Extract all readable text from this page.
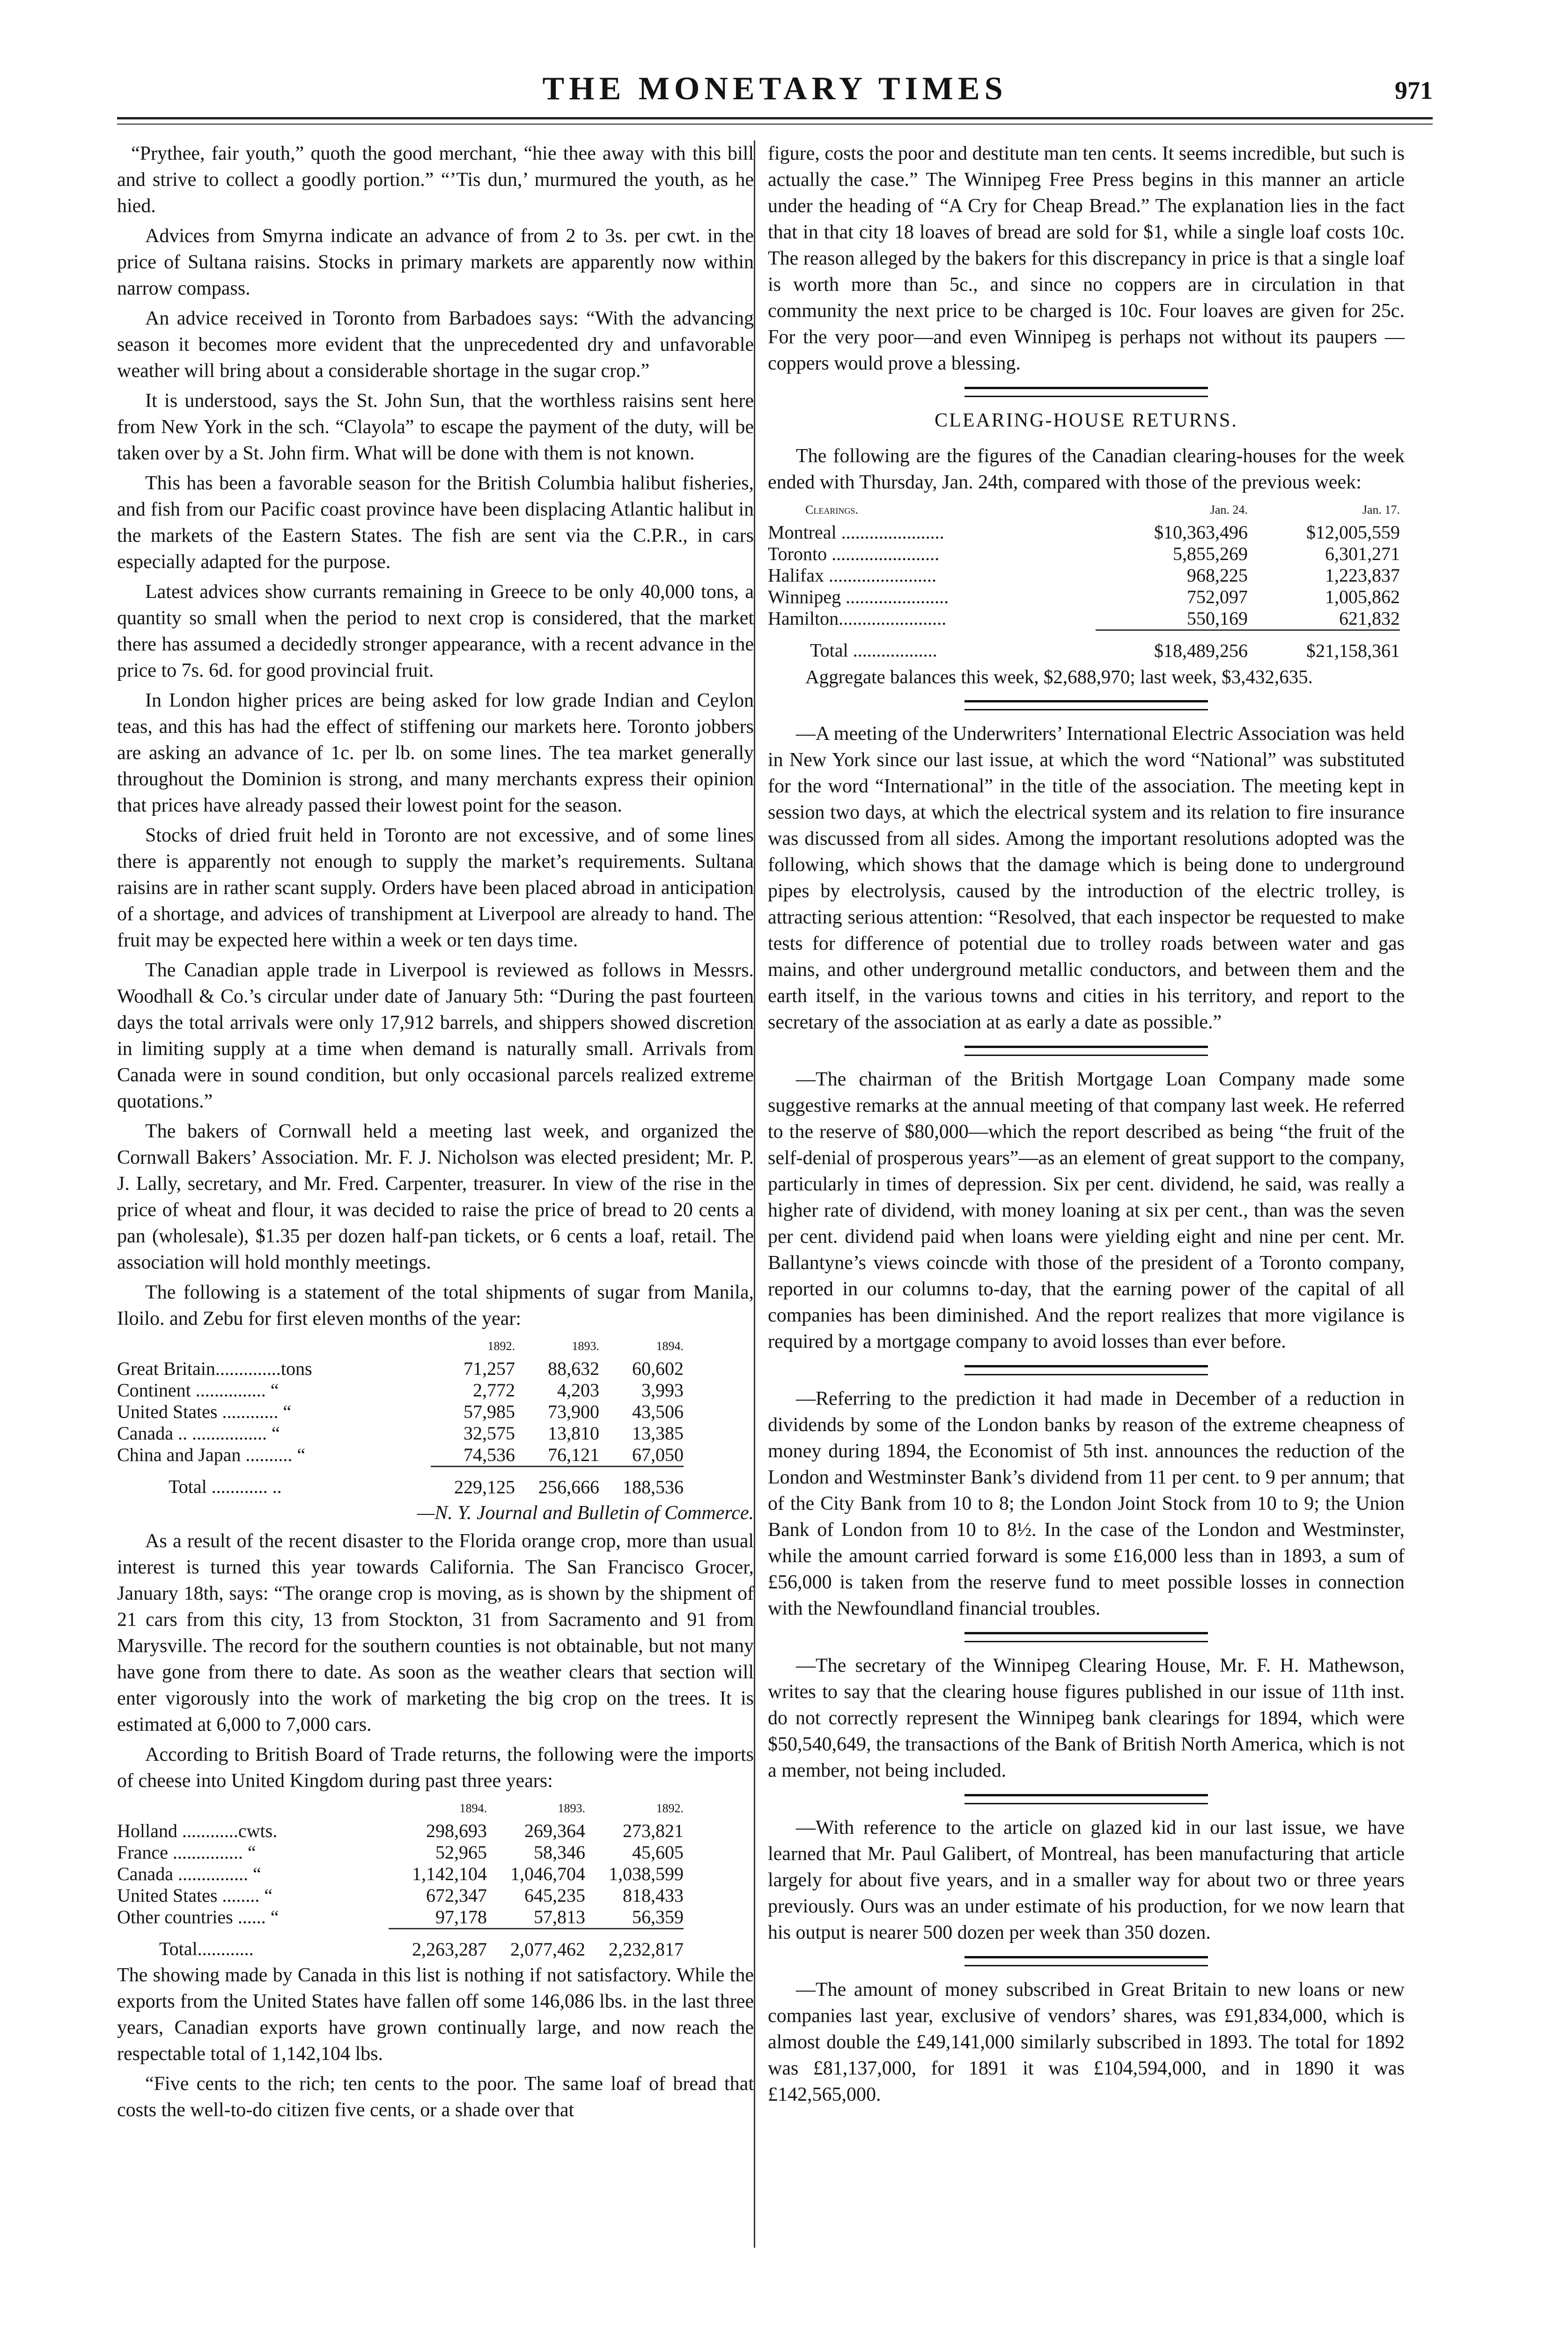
THE MONETARY TIMES	971

“Prythee, fair youth,” quoth the good merchant, “hie thee away with this bill and strive to collect a goodly portion.” “’Tis dun,’ murmured the youth, as he hied.

Advices from Smyrna indicate an advance of from 2 to 3s. per cwt. in the price of Sultana raisins. Stocks in primary markets are apparently now within narrow compass.

An advice received in Toronto from Barbadoes says: “With the advancing season it becomes more evident that the unprecedented dry and unfavorable weather will bring about a considerable shortage in the sugar crop.”

It is understood, says the St. John Sun, that the worthless raisins sent here from New York in the sch. “Clayola” to escape the payment of the duty, will be taken over by a St. John firm. What will be done with them is not known.

This has been a favorable season for the British Columbia halibut fisheries, and fish from our Pacific coast province have been displacing Atlantic halibut in the markets of the Eastern States. The fish are sent via the C.P.R., in cars especially adapted for the purpose.

Latest advices show currants remaining in Greece to be only 40,000 tons, a quantity so small when the period to next crop is considered, that the market there has assumed a decidedly stronger appearance, with a recent advance in the price to 7s. 6d. for good provincial fruit.

In London higher prices are being asked for low grade Indian and Ceylon teas, and this has had the effect of stiffening our markets here. Toronto jobbers are asking an advance of 1c. per lb. on some lines. The tea market generally throughout the Dominion is strong, and many merchants express their opinion that prices have already passed their lowest point for the season.

Stocks of dried fruit held in Toronto are not excessive, and of some lines there is apparently not enough to supply the market’s requirements. Sultana raisins are in rather scant supply. Orders have been placed abroad in anticipation of a shortage, and advices of transhipment at Liverpool are already to hand. The fruit may be expected here within a week or ten days time.

The Canadian apple trade in Liverpool is reviewed as follows in Messrs. Woodhall & Co.’s circular under date of January 5th: “During the past fourteen days the total arrivals were only 17,912 barrels, and shippers showed discretion in limiting supply at a time when demand is naturally small. Arrivals from Canada were in sound condition, but only occasional parcels realized extreme quotations.”

The bakers of Cornwall held a meeting last week, and organized the Cornwall Bakers’ Association. Mr. F. J. Nicholson was elected president; Mr. P. J. Lally, secretary, and Mr. Fred. Carpenter, treasurer. In view of the rise in the price of wheat and flour, it was decided to raise the price of bread to 20 cents a pan (wholesale), $1.35 per dozen half-pan tickets, or 6 cents a loaf, retail. The association will hold monthly meetings.

The following is a statement of the total shipments of sugar from Manila, Iloilo. and Zebu for first eleven months of the year:

	1892.	1893.	1894.
Great Britain..............tons	71,257	88,632	60,602
Continent ............... “	2,772	4,203	3,993
United States ............ “	57,985	73,900	43,506
Canada .. ................ “	32,575	13,810	13,385
China and Japan .......... “	74,536	76,121	67,050
Total ............ ..	229,125	256,666	188,536

—N. Y. Journal and Bulletin of Commerce.

As a result of the recent disaster to the Florida orange crop, more than usual interest is turned this year towards California. The San Francisco Grocer, January 18th, says: “The orange crop is moving, as is shown by the shipment of 21 cars from this city, 13 from Stockton, 31 from Sacramento and 91 from Marysville. The record for the southern counties is not obtainable, but not many have gone from there to date. As soon as the weather clears that section will enter vigorously into the work of marketing the big crop on the trees. It is estimated at 6,000 to 7,000 cars.

According to British Board of Trade returns, the following were the imports of cheese into United Kingdom during past three years:

	1894.	1893.	1892.
Holland ............cwts.	298,693	269,364	273,821
France ............... “	52,965	58,346	45,605
Canada ............... “	1,142,104	1,046,704	1,038,599
United States ........ “	672,347	645,235	818,433
Other countries ...... “	97,178	57,813	56,359
Total............	2,263,287	2,077,462	2,232,817

The showing made by Canada in this list is nothing if not satisfactory. While the exports from the United States have fallen off some 146,086 lbs. in the last three years, Canadian exports have grown continually large, and now reach the respectable total of 1,142,104 lbs.

“Five cents to the rich; ten cents to the poor. The same loaf of bread that costs the well-to-do citizen five cents, or a shade over that

figure, costs the poor and destitute man ten cents. It seems incredible, but such is actually the case.” The Winnipeg Free Press begins in this manner an article under the heading of “A Cry for Cheap Bread.” The explanation lies in the fact that in that city 18 loaves of bread are sold for $1, while a single loaf costs 10c. The reason alleged by the bakers for this discrepancy in price is that a single loaf is worth more than 5c., and since no coppers are in circulation in that community the next price to be charged is 10c. Four loaves are given for 25c. For the very poor—and even Winnipeg is perhaps not without its paupers —coppers would prove a blessing.

CLEARING-HOUSE RETURNS.

The following are the figures of the Canadian clearing-houses for the week ended with Thursday, Jan. 24th, compared with those of the previous week:

Clearings.	Jan. 24.	Jan. 17.
Montreal ......................	$10,363,496	$12,005,559
Toronto .......................	5,855,269	6,301,271
Halifax .......................	968,225	1,223,837
Winnipeg ......................	752,097	1,005,862
Hamilton.......................	550,169	621,832
Total ..................	$18,489,256	$21,158,361

Aggregate balances this week, $2,688,970; last week, $3,432,635.

—A meeting of the Underwriters’ International Electric Association was held in New York since our last issue, at which the word “National” was substituted for the word “International” in the title of the association. The meeting kept in session two days, at which the electrical system and its relation to fire insurance was discussed from all sides. Among the important resolutions adopted was the following, which shows that the damage which is being done to underground pipes by electrolysis, caused by the introduction of the electric trolley, is attracting serious attention: “Resolved, that each inspector be requested to make tests for difference of potential due to trolley roads between water and gas mains, and other underground metallic conductors, and between them and the earth itself, in the various towns and cities in his territory, and report to the secretary of the association at as early a date as possible.”

—The chairman of the British Mortgage Loan Company made some suggestive remarks at the annual meeting of that company last week. He referred to the reserve of $80,000—which the report described as being “the fruit of the self-denial of prosperous years”—as an element of great support to the company, particularly in times of depression. Six per cent. dividend, he said, was really a higher rate of dividend, with money loaning at six per cent., than was the seven per cent. dividend paid when loans were yielding eight and nine per cent. Mr. Ballantyne’s views coincde with those of the president of a Toronto company, reported in our columns to-day, that the earning power of the capital of all companies has been diminished. And the report realizes that more vigilance is required by a mortgage company to avoid losses than ever before.

—Referring to the prediction it had made in December of a reduction in dividends by some of the London banks by reason of the extreme cheapness of money during 1894, the Economist of 5th inst. announces the reduction of the London and Westminster Bank’s dividend from 11 per cent. to 9 per annum; that of the City Bank from 10 to 8; the London Joint Stock from 10 to 9; the Union Bank of London from 10 to 8½. In the case of the London and Westminster, while the amount carried forward is some £16,000 less than in 1893, a sum of £56,000 is taken from the reserve fund to meet possible losses in connection with the Newfoundland financial troubles.

—The secretary of the Winnipeg Clearing House, Mr. F. H. Mathewson, writes to say that the clearing house figures published in our issue of 11th inst. do not correctly represent the Winnipeg bank clearings for 1894, which were $50,540,649, the transactions of the Bank of British North America, which is not a member, not being included.

—With reference to the article on glazed kid in our last issue, we have learned that Mr. Paul Galibert, of Montreal, has been manufacturing that article largely for about five years, and in a smaller way for about two or three years previously. Ours was an under estimate of his production, for we now learn that his output is nearer 500 dozen per week than 350 dozen.

—The amount of money subscribed in Great Britain to new loans or new companies last year, exclusive of vendors’ shares, was £91,834,000, which is almost double the £49,141,000 similarly subscribed in 1893. The total for 1892 was £81,137,000, for 1891 it was £104,594,000, and in 1890 it was £142,565,000.
